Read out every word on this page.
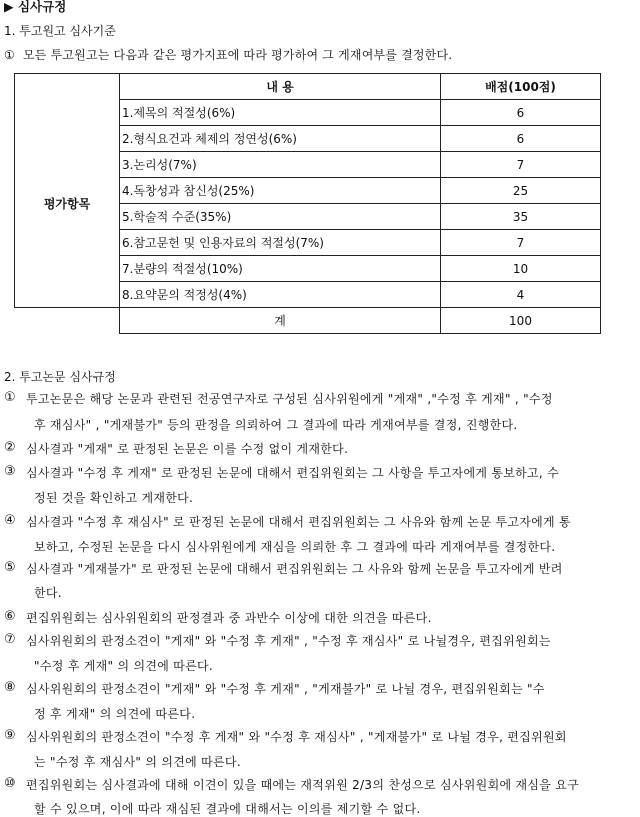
▶ 심사규정
1. 투고원고 심사기준
① 모든 투고원고는 다음과 같은 평가지표에 따라 평가하여 그 게재여부를 결정한다.
	내 용	배점(100점)
평가항목	1.제목의 적절성(6%)	6
	2.형식요건과 체제의 정연성(6%)	6
	3.논리성(7%)	7
	4.독창성과 참신성(25%)	25
	5.학술적 수준(35%)	35
	6.참고문헌 및 인용자료의 적절성(7%)	7
	7.분량의 적절성(10%)	10
	8.요약문의 적정성(4%)	4
	계	100
2. 투고논문 심사규정
① 투고논문은 해당 논문과 관련된 전공연구자로 구성된 심사위원에게 "게재" ,"수정 후 게재" , "수정
후 재심사" , "게재불가" 등의 판정을 의뢰하여 그 결과에 따라 게재여부를 결정, 진행한다.
② 심사결과 "게재" 로 판정된 논문은 이를 수정 없이 게재한다.
③ 심사결과 "수정 후 게재" 로 판정된 논문에 대해서 편집위원회는 그 사항을 투고자에게 통보하고, 수
정된 것을 확인하고 게재한다.
④ 심사결과 "수정 후 재심사" 로 판정된 논문에 대해서 편집위원회는 그 사유와 함께 논문 투고자에게 통
보하고, 수정된 논문을 다시 심사위원에게 재심을 의뢰한 후 그 결과에 따라 게재여부를 결정한다.
⑤ 심사결과 "게재불가" 로 판정된 논문에 대해서 편집위원회는 그 사유와 함께 논문을 투고자에게 반려
한다.
⑥ 편집위원회는 심사위원회의 판정결과 중 과반수 이상에 대한 의견을 따른다.
⑦ 심사위원회의 판정소견이 "게재" 와 "수정 후 게재" , "수정 후 재심사" 로 나뉠경우, 편집위원회는
"수정 후 게재" 의 의견에 따른다.
⑧ 심사위원회의 판정소견이 "게재" 와 "수정 후 게재" , "게재불가" 로 나뉠 경우, 편집위원회는 "수
정 후 게재" 의 의견에 따른다.
⑨ 심사위원회의 판정소견이 "수정 후 게재" 와 "수정 후 재심사" , "게재불가" 로 나뉠 경우, 편집위원회
는 "수정 후 재심사" 의 의견에 따른다.
⑩ 편집위원회는 심사결과에 대해 이견이 있을 때에는 재적위원 2/3의 찬성으로 심사위원회에 재심을 요구
할 수 있으며, 이에 따라 재심된 결과에 대해서는 이의를 제기할 수 없다.
